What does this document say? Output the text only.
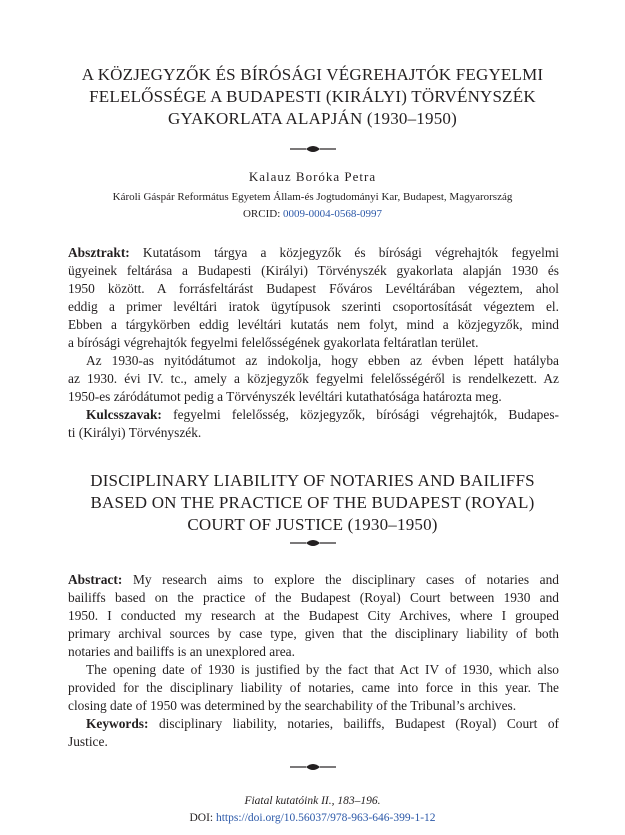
A KÖZJEGYZŐK ÉS BÍRÓSÁGI VÉGREHAJTÓK FEGYELMI
FELELŐSSÉGE A BUDAPESTI (KIRÁLYI) TÖRVÉNYSZÉK
GYAKORLATA ALAPJÁN (1930–1950)
Kalauz Boróka Petra
Károli Gáspár Református Egyetem Állam-és Jogtudományi Kar, Budapest, Magyarország
ORCID: 0009-0004-0568-0997

Absztrakt: Kutatásom tárgya a közjegyzők és bírósági végrehajtók fegyelmi

ügyeinek feltárása a Budapesti (Királyi) Törvényszék gyakorlata alapján 1930 és

1950 között. A forrásfeltárást Budapest Főváros Levéltárában végeztem, ahol

eddig a primer levéltári iratok ügytípusok szerinti csoportosítását végeztem el.

Ebben a tárgykörben eddig levéltári kutatás nem folyt, mind a közjegyzők, mind

a bírósági végrehajtók fegyelmi felelősségének gyakorlata feltáratlan terület.

Az 1930-as nyitódátumot az indokolja, hogy ebben az évben lépett hatályba

az 1930. évi IV. tc., amely a közjegyzők fegyelmi felelősségéről is rendelkezett. Az

1950-es záródátumot pedig a Törvényszék levéltári kutathatósága határozta meg.

Kulcsszavak: fegyelmi felelősség, közjegyzők, bírósági végrehajtók, Budapes-

ti (Királyi) Törvényszék.

DISCIPLINARY LIABILITY OF NOTARIES AND BAILIFFS
BASED ON THE PRACTICE OF THE BUDAPEST (ROYAL)
COURT OF JUSTICE (1930–1950)

Abstract: My research aims to explore the disciplinary cases of notaries and

bailiffs based on the practice of the Budapest (Royal) Court between 1930 and

1950. I conducted my research at the Budapest City Archives, where I grouped

primary archival sources by case type, given that the disciplinary liability of both

notaries and bailiffs is an unexplored area.

The opening date of 1930 is justified by the fact that Act IV of 1930, which also

provided for the disciplinary liability of notaries, came into force in this year. The

closing date of 1950 was determined by the searchability of the Tribunal’s archives.

Keywords: disciplinary liability, notaries, bailiffs, Budapest (Royal) Court of

Justice.

Fiatal kutatóink II., 183–196.
DOI: https://doi.org/10.56037/978-963-646-399-1-12
